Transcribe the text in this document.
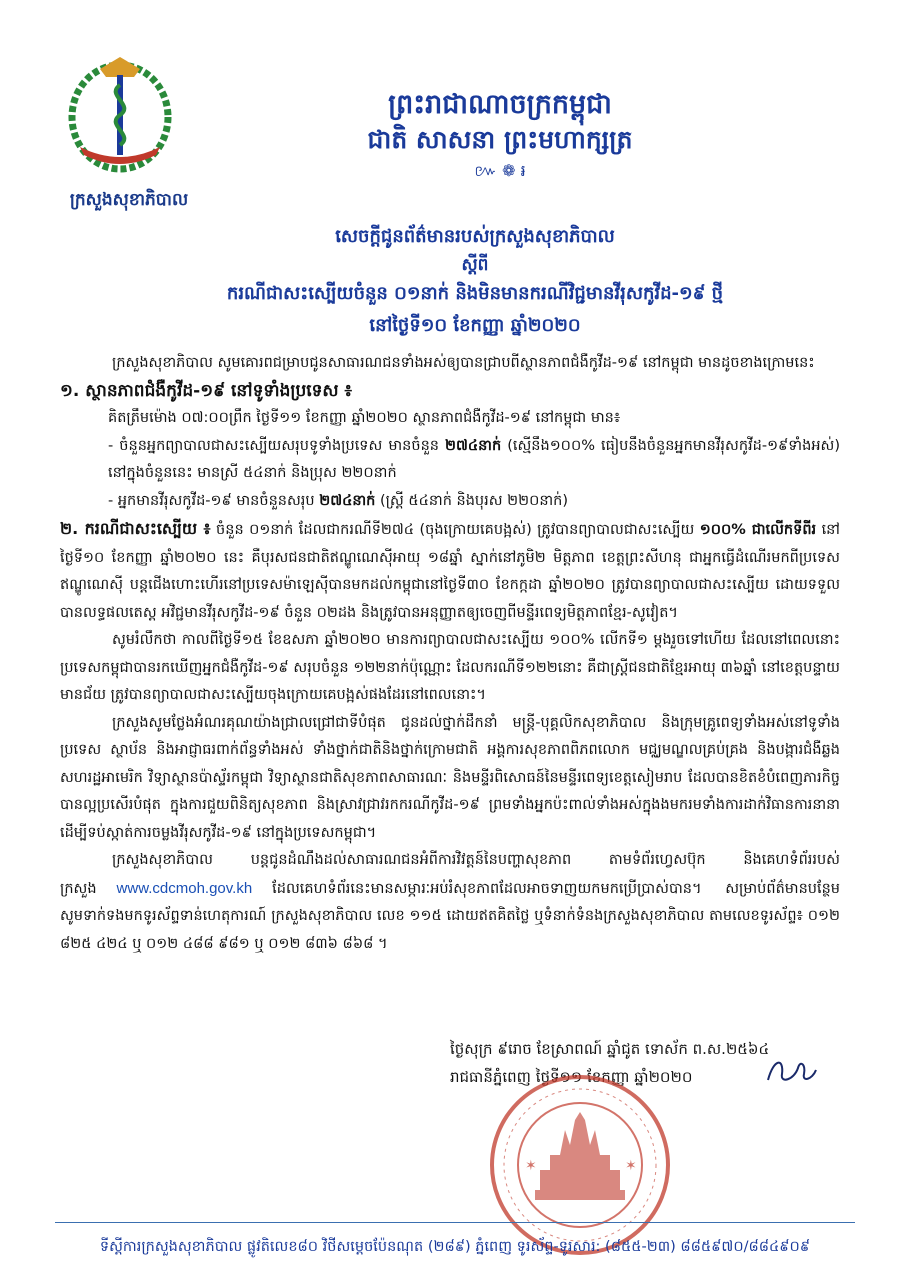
ក្រសួងសុខាភិបាល
ព្រះរាជាណាចក្រកម្ពុជា
ជាតិ សាសនា ព្រះមហាក្សត្រ
៚ ❁ ៛
សេចក្តីជូនព័ត៌មានរបស់ក្រសួងសុខាភិបាល
ស្តីពី
ករណីជាសះស្បើយចំនួន ០១នាក់ និងមិនមានករណីវិជ្ជមានវីរុសកូវីដ-១៩ ថ្មី
នៅថ្ងៃទី១០ ខែកញ្ញា ឆ្នាំ២០២០

ក្រសួងសុខាភិបាល សូមគោរពជម្រាបជូនសាធារណជនទាំងអស់ឲ្យបានជ្រាបពីស្ថានភាពជំងឺកូវីដ-១៩ នៅកម្ពុជា មានដូចខាងក្រោមនេះ

១. ស្ថានភាពជំងឺកូវីដ-១៩ នៅទូទាំងប្រទេស ៖

គិតត្រឹមម៉ោង ០៧:០០ព្រឹក ថ្ងៃទី១១ ខែកញ្ញា ឆ្នាំ២០២០ ស្ថានភាពជំងឺកូវីដ-១៩ នៅកម្ពុជា មាន៖

- ចំនួនអ្នកព្យាបាលជាសះស្បើយសរុបទូទាំងប្រទេស មានចំនួន ២៧៤នាក់ (ស្មើនឹង១០០% ធៀបនឹងចំនួនអ្នកមានវីរុសកូវីដ-១៩ទាំងអស់) នៅក្នុងចំនួននេះ មានស្រី ៥៤នាក់ និងប្រុស ២២០នាក់

- អ្នកមានវីរុសកូវីដ-១៩ មានចំនួនសរុប ២៧៤នាក់ (ស្ត្រី ៥៤នាក់ និងបុរស ២២០នាក់)

២. ករណីជាសះស្បើយ ៖ ចំនួន ០១នាក់ ដែលជាករណីទី២៧៤ (ចុងក្រោយគេបង្អស់) ត្រូវបានព្យាបាលជាសះស្បើយ ១០០% ជាលើកទីពីរ នៅថ្ងៃទី១០ ខែកញ្ញា ឆ្នាំ២០២០ នេះ គឺបុរសជនជាតិឥណ្ឌូណេស៊ីអាយុ ១៨ឆ្នាំ ស្នាក់នៅភូមិ២ មិត្តភាព ខេត្តព្រះសីហនុ ជាអ្នកធ្វើដំណើរមកពីប្រទេសឥណ្ឌូណេស៊ី បន្តជើងហោះហើរនៅប្រទេសម៉ាឡេស៊ីបានមកដល់កម្ពុជានៅថ្ងៃទី៣០ ខែកក្កដា ឆ្នាំ២០២០ ត្រូវបានព្យាបាលជាសះស្បើយ ដោយទទួលបានលទ្ធផលតេស្ត អវិជ្ជមានវីរុសកូវីដ-១៩ ចំនួន ០២ដង និងត្រូវបានអនុញ្ញាតឲ្យចេញពីមន្ទីរពេទ្យមិត្តភាពខ្មែរ-សូវៀត។

សូមរំលឹកថា កាលពីថ្ងៃទី១៥ ខែឧសភា ឆ្នាំ២០២០ មានការព្យាបាលជាសះស្បើយ ១០០% លើកទី១ ម្តងរួចទៅហើយ ដែលនៅពេលនោះ ប្រទេសកម្ពុជាបានរកឃើញអ្នកជំងឺកូវីដ-១៩ សរុបចំនួន ១២២នាក់ប៉ុណ្ណោះ ដែលករណីទី១២២នោះ គឺជាស្ត្រីជនជាតិខ្មែរអាយុ ៣៦ឆ្នាំ នៅខេត្តបន្ទាយមានជ័យ ត្រូវបានព្យាបាលជាសះស្បើយចុងក្រោយគេបង្អស់ផងដែរនៅពេលនោះ។

ក្រសួងសូមថ្លែងអំណរគុណយ៉ាងជ្រាលជ្រៅជាទីបំផុត ជូនដល់ថ្នាក់ដឹកនាំ មន្ត្រី-បុគ្គលិកសុខាភិបាល និងក្រុមគ្រូពេទ្យទាំងអស់នៅទូទាំងប្រទេស ស្ថាប័ន និងអាជ្ញាធរពាក់ព័ន្ធទាំងអស់ ទាំងថ្នាក់ជាតិនិងថ្នាក់ក្រោមជាតិ អង្គការសុខភាពពិភពលោក មជ្ឈមណ្ឌលគ្រប់គ្រង និងបង្ការជំងឺឆ្លងសហរដ្ឋអាមេរិក វិទ្យាស្ថានប៉ាស្ទ័រកម្ពុជា វិទ្យាស្ថានជាតិសុខភាពសាធារណៈ និងមន្ទីរពិសោធន៍នៃមន្ទីរពេទ្យខេត្តសៀមរាប ដែលបានខិតខំបំពេញភារកិច្ចបានល្អប្រសើរបំផុត ក្នុងការជួយពិនិត្យសុខភាព និងស្រាវជ្រាវរកករណីកូវីដ-១៩ ព្រមទាំងអ្នកប៉ះពាល់ទាំងអស់ក្នុងងមករមទាំងការដាក់វិធានការនានា ដើម្បីទប់ស្កាត់ការចម្លងវីរុសកូវីដ-១៩ នៅក្នុងប្រទេសកម្ពុជា។

ក្រសួងសុខាភិបាល បន្តជូនដំណឹងដល់សាធារណជនអំពីការវិវត្តន៍នៃបញ្ហាសុខភាព តាមទំព័រហ្វេសប៊ុក និងគេហទំព័ររបស់ក្រសួង www.cdcmoh.gov.kh ដែលគេហទំព័រនេះមានសម្ភារៈអប់រំសុខភាពដែលអាចទាញយកមកប្រើប្រាស់បាន។ សម្រាប់ព័ត៌មានបន្ថែម សូមទាក់ទងមកទូរស័ព្ទទាន់ហេតុការណ៍ ក្រសួងសុខាភិបាល លេខ ១១៥ ដោយឥតគិតថ្លៃ ឬទំនាក់ទំនងក្រសួងសុខាភិបាល តាមលេខទូរស័ព្ទ៖ ០១២ ៨២៥ ៤២៤ ឬ ០១២ ៤៨៨ ៩៨១ ឬ ០១២ ៨៣៦ ៨៦៨ ។

ថ្ងៃសុក្រ ៩រោច ខែស្រាពណ៍ ឆ្នាំជូត ទោស័ក ព.ស.២៥៦៤
រាជធានីភ្នំពេញ ថ្ងៃទី១១ ខែកញ្ញា ឆ្នាំ២០២០
✶	✶
ទីស្តីការក្រសួងសុខាភិបាល ផ្លូវតិលេខ៨០ វិថីសម្តេចប៉ែនណុត (២៨៩) ភ្នំពេញ ទូរស័ព្ទ-ទូរសារ: (៨៥៥-២៣) ៨៨៥៩៧០/៨៨៤៩០៩
